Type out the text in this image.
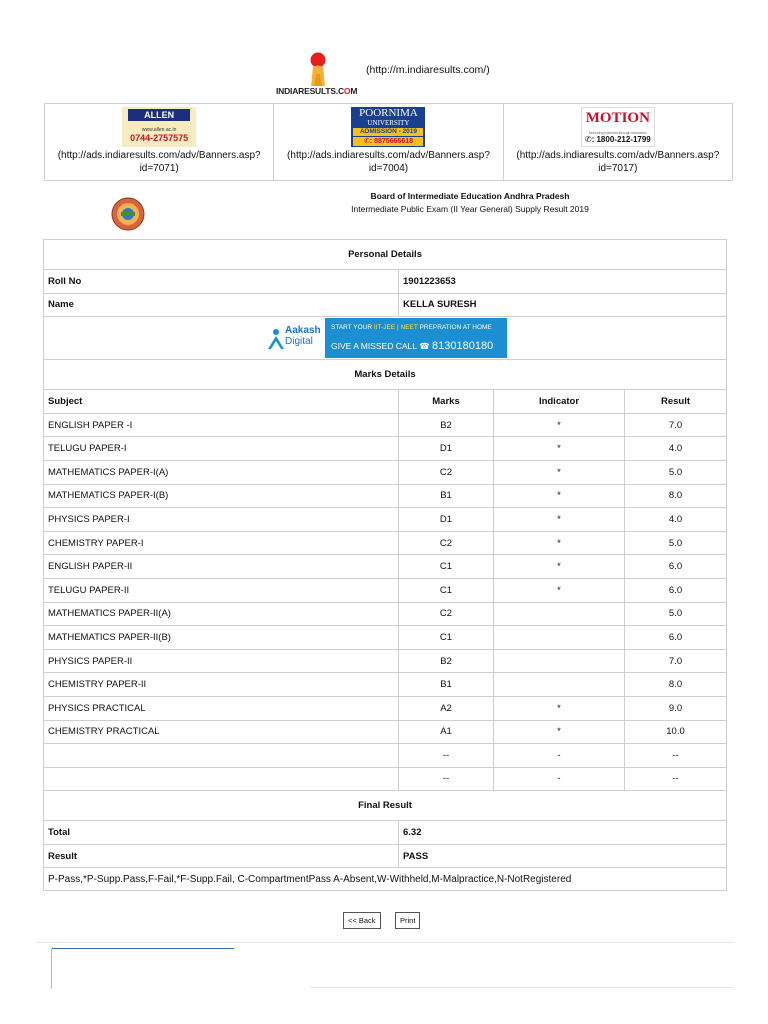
INDIARESULTS.COM
(http://m.indiaresults.com/)
ALLEN
www.allen.ac.in
0744-2757575
(http://ads.indiaresults.com/adv/Banners.asp?id=7071)	
POORNIMA
UNIVERSITY
ADMISSION - 2019
✆: 8875666618
(http://ads.indiaresults.com/adv/Banners.asp?id=7004)	
MOTION
Nurturing potential through education
✆: 1800-212-1799
(http://ads.indiaresults.com/adv/Banners.asp?id=7017)
Board of Intermediate Education Andhra Pradesh
Intermediate Public Exam (II Year General) Supply Result 2019
Personal Details			
Roll No	1901223653		
Name	KELLA SURESH		

Aakash
Digital
START YOUR IIT-JEE | NEET PREPRATION AT HOME
GIVE A MISSED CALL ☎ 8130180180			

Marks Details			
Subject	Marks	Indicator	Result
ENGLISH PAPER -I	B2	*	7.0
TELUGU PAPER-I	D1	*	4.0
MATHEMATICS PAPER-I(A)	C2	*	5.0
MATHEMATICS PAPER-I(B)	B1	*	8.0
PHYSICS PAPER-I	D1	*	4.0
CHEMISTRY PAPER-I	C2	*	5.0
ENGLISH PAPER-II	C1	*	6.0
TELUGU PAPER-II	C1	*	6.0
MATHEMATICS PAPER-II(A)	C2		5.0
MATHEMATICS PAPER-II(B)	C1		6.0
PHYSICS PAPER-II	B2		7.0
CHEMISTRY PAPER-II	B1		8.0
PHYSICS PRACTICAL	A2	*	9.0
CHEMISTRY PRACTICAL	A1	*	10.0
	--	-	--
	--	-	--
Final Result			
Total	6.32		
Result	PASS		
P-Pass,*P-Supp.Pass,F-Fail,*F-Supp.Fail, C-CompartmentPass A-Absent,W-Withheld,M-Malpractice,N-NotRegistered			
<< Back	Print
